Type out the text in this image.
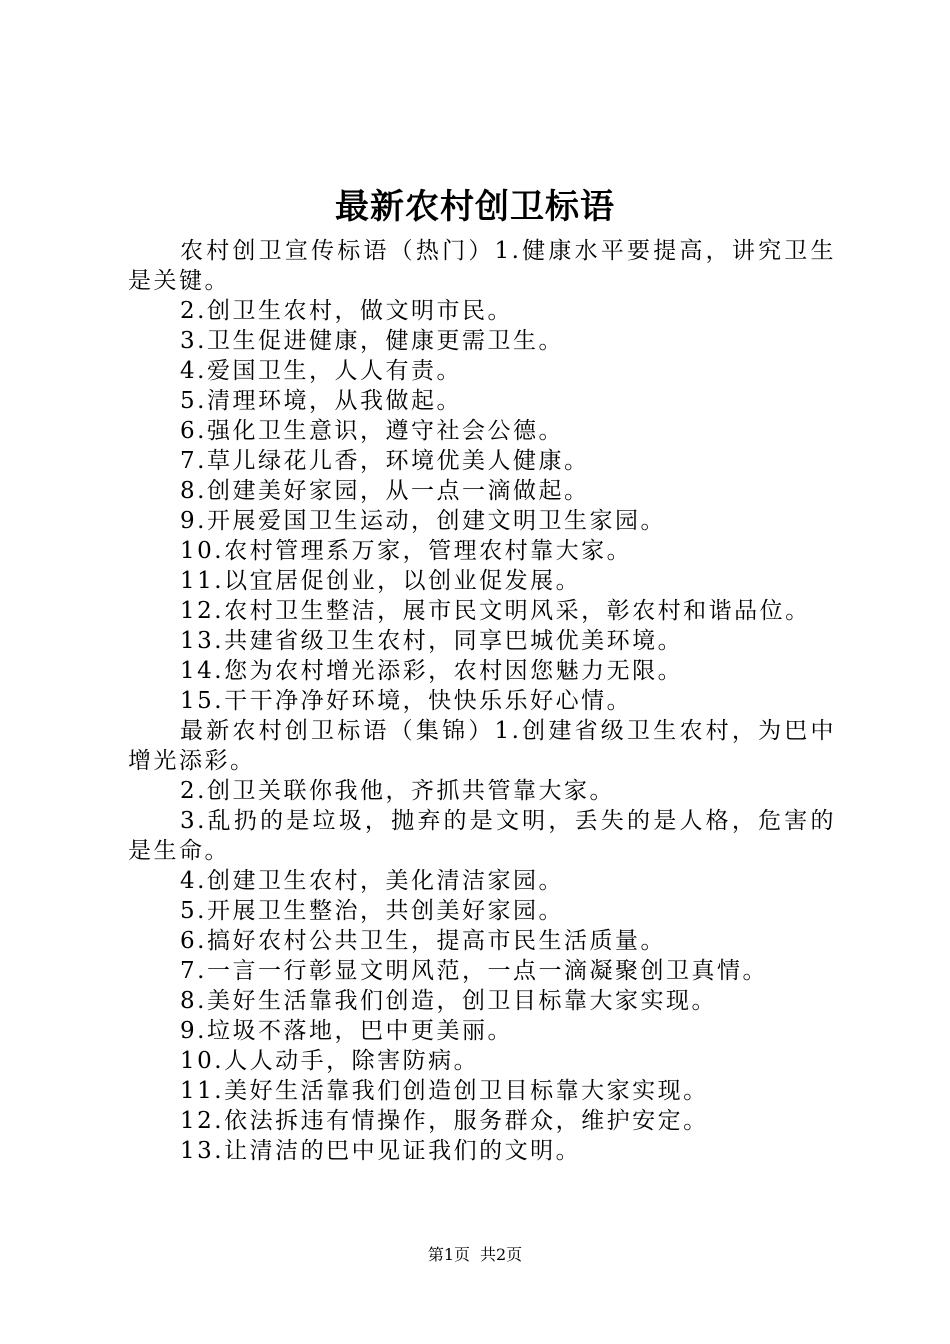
最新农村创卫标语

农村创卫宣传标语（热门）1.健康水平要提高，讲究卫生是关键。

2.创卫生农村，做文明市民。

3.卫生促进健康，健康更需卫生。

4.爱国卫生，人人有责。

5.清理环境，从我做起。

6.强化卫生意识，遵守社会公德。

7.草儿绿花儿香，环境优美人健康。

8.创建美好家园，从一点一滴做起。

9.开展爱国卫生运动，创建文明卫生家园。

10.农村管理系万家，管理农村靠大家。

11.以宜居促创业，以创业促发展。

12.农村卫生整洁，展市民文明风采，彰农村和谐品位。

13.共建省级卫生农村，同享巴城优美环境。

14.您为农村增光添彩，农村因您魅力无限。

15.干干净净好环境，快快乐乐好心情。

最新农村创卫标语（集锦）1.创建省级卫生农村，为巴中增光添彩。

2.创卫关联你我他，齐抓共管靠大家。

3.乱扔的是垃圾，抛弃的是文明，丢失的是人格，危害的是生命。

4.创建卫生农村，美化清洁家园。

5.开展卫生整治，共创美好家园。

6.搞好农村公共卫生，提高市民生活质量。

7.一言一行彰显文明风范，一点一滴凝聚创卫真情。

8.美好生活靠我们创造，创卫目标靠大家实现。

9.垃圾不落地，巴中更美丽。

10.人人动手，除害防病。

11.美好生活靠我们创造创卫目标靠大家实现。

12.依法拆违有情操作，服务群众，维护安定。

13.让清洁的巴中见证我们的文明。

第1页 共2页
